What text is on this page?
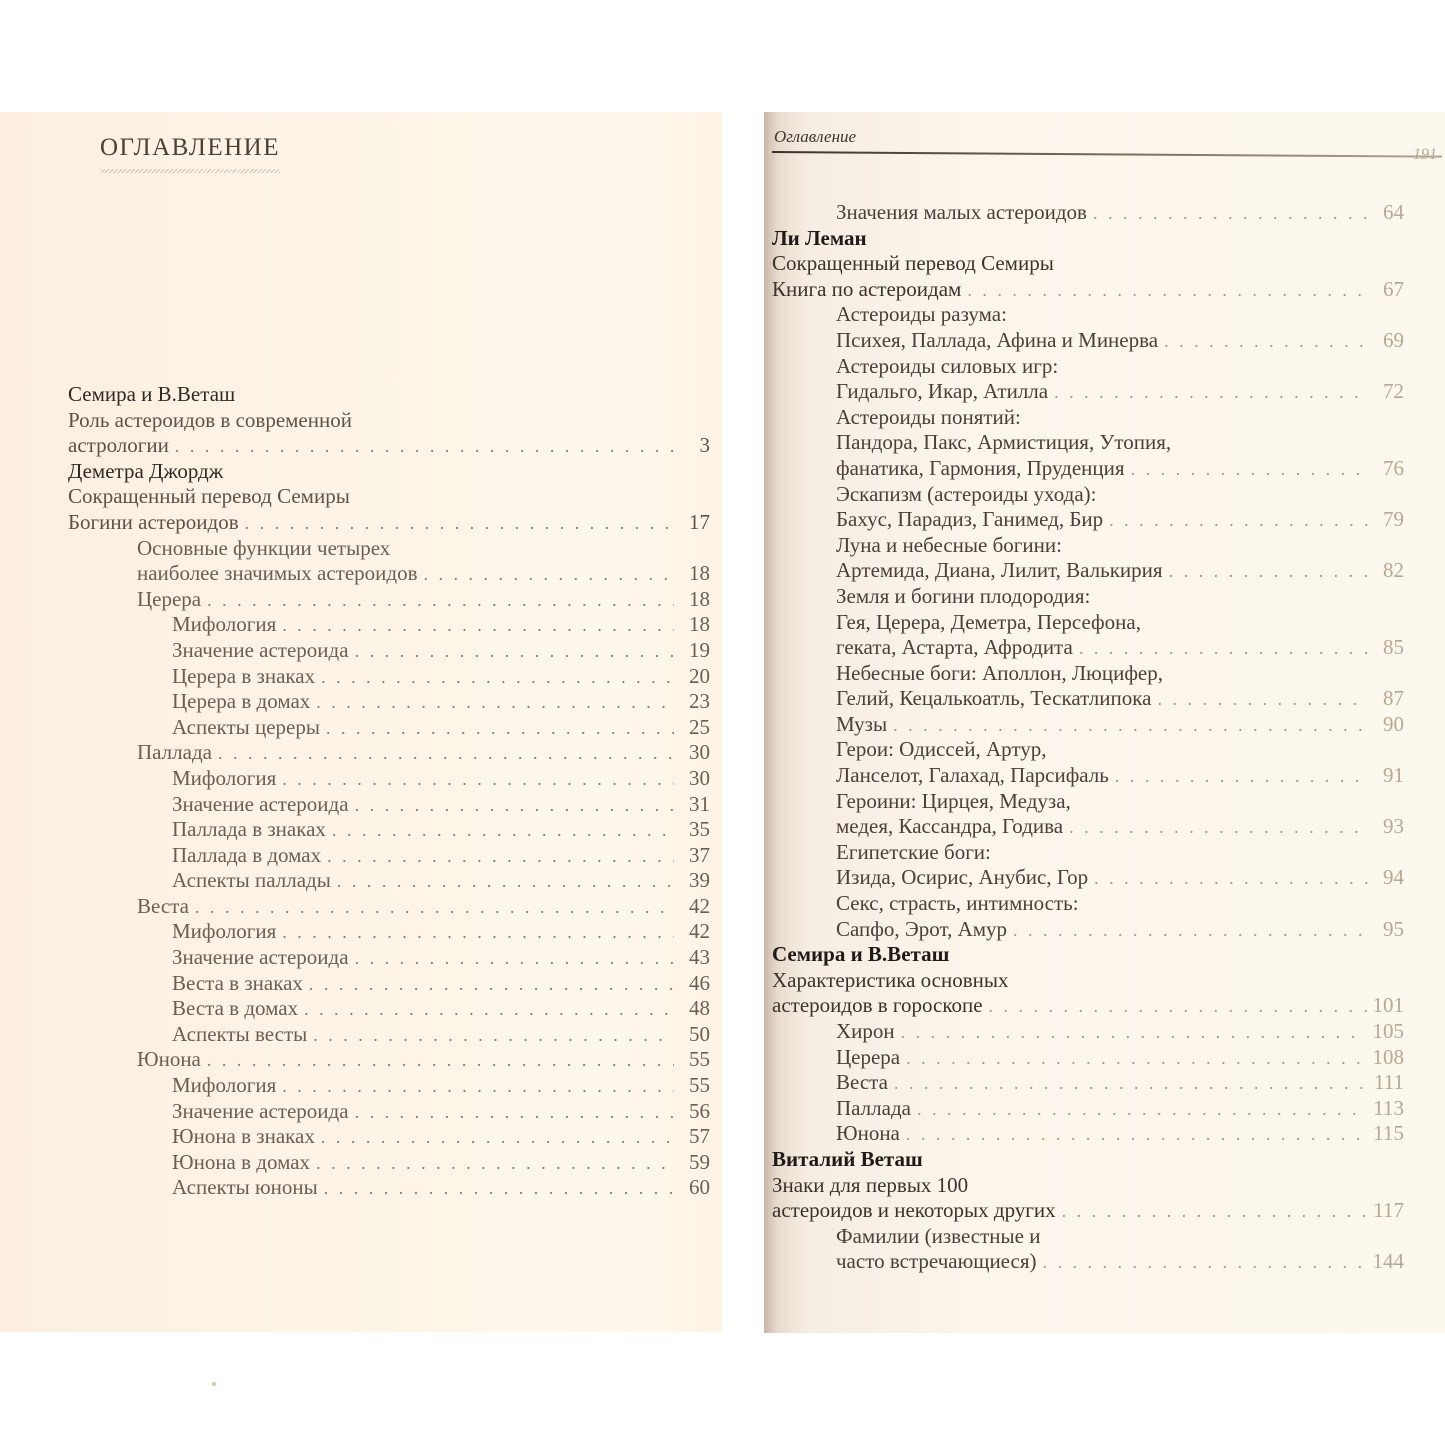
ОГЛАВЛЕНИЕ
Семира и В.Веташ
Роль астероидов в современной
астрологии . . .	3
Деметра Джордж
Сокращенный перевод Семиры
Богини астероидов . . .	17
Основные функции четырех
наиболее значимых астероидов . . .	18
Церера . . .	18
Мифология . . .	18
Значение астероида . . .	19
Церера в знаках . . .	20
Церера в домах . . .	23
Аспекты цереры . . .	25
Паллада . . .	30
Мифология . . .	30
Значение астероида . . .	31
Паллада в знаках . . .	35
Паллада в домах . . .	37
Аспекты паллады . . .	39
Веста . . .	42
Мифология . . .	42
Значение астероида . . .	43
Веста в знаках . . .	46
Веста в домах . . .	48
Аспекты весты . . .	50
Юнона . . .	55
Мифология . . .	55
Значение астероида . . .	56
Юнона в знаках . . .	57
Юнона в домах . . .	59
Аспекты юноны . . .	60
Оглавление
191
Значения малых астероидов . . .	64
Ли Леман
Сокращенный перевод Семиры
Книга по астероидам . . .	67
Астероиды разума:
Психея, Паллада, Афина и Минерва . . .	69
Астероиды силовых игр:
Гидальго, Икар, Атилла . . .	72
Астероиды понятий:
Пандора, Пакс, Армистиция, Утопия,
фанатика, Гармония, Пруденция . . .	76
Эскапизм (астероиды ухода):
Бахус, Парадиз, Ганимед, Бир . . .	79
Луна и небесные богини:
Артемида, Диана, Лилит, Валькирия . . .	82
Земля и богини плодородия:
Гея, Церера, Деметра, Персефона,
геката, Астарта, Афродита . . .	85
Небесные боги: Аполлон, Люцифер,
Гелий, Кецалькоатль, Тескатлипока . . .	87
Музы . . .	90
Герои: Одиссей, Артур,
Ланселот, Галахад, Парсифаль . . .	91
Героини: Цирцея, Медуза,
медея, Кассандра, Годива . . .	93
Египетские боги:
Изида, Осирис, Анубис, Гор . . .	94
Секс, страсть, интимность:
Сапфо, Эрот, Амур . . .	95
Семира и В.Веташ
Характеристика основных
астероидов в гороскопе . . .	101
Хирон . . .	105
Церера . . .	108
Веста . . .	111
Паллада . . .	113
Юнона . . .	115
Виталий Веташ
Знаки для первых 100
астероидов и некоторых других . . .	117
Фамилии (известные и
часто встречающиеся) . . .	144
